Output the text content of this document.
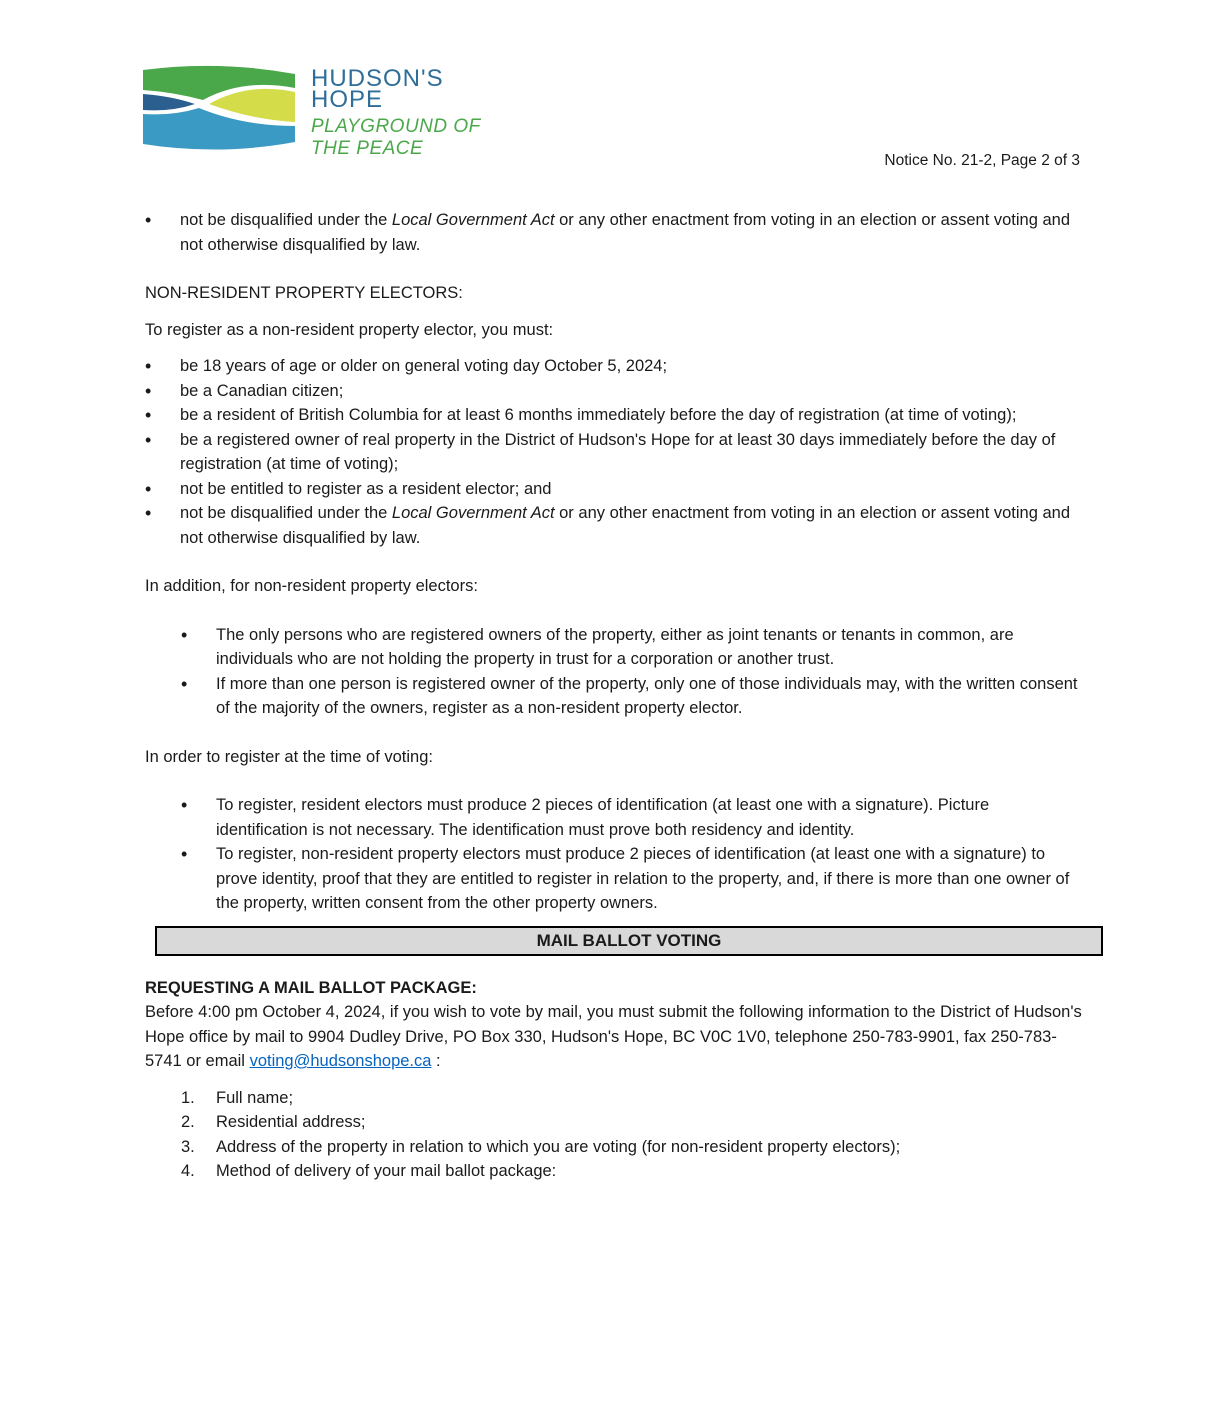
HUDSON'S
HOPE
PLAYGROUND OF THE PEACE
Notice No. 21-2, Page 2 of 3
• not be disqualified under the Local Government Act or any other enactment from voting in an election or assent voting and not otherwise disqualified by law.

NON-RESIDENT PROPERTY ELECTORS:

To register as a non-resident property elector, you must:

• be 18 years of age or older on general voting day October 5, 2024;
• be a Canadian citizen;
• be a resident of British Columbia for at least 6 months immediately before the day of registration (at time of voting);
• be a registered owner of real property in the District of Hudson's Hope for at least 30 days immediately before the day of registration (at time of voting);
• not be entitled to register as a resident elector; and
• not be disqualified under the Local Government Act or any other enactment from voting in an election or assent voting and not otherwise disqualified by law.

In addition, for non-resident property electors:

• The only persons who are registered owners of the property, either as joint tenants or tenants in common, are individuals who are not holding the property in trust for a corporation or another trust.
• If more than one person is registered owner of the property, only one of those individuals may, with the written consent of the majority of the owners, register as a non-resident property elector.

In order to register at the time of voting:

• To register, resident electors must produce 2 pieces of identification (at least one with a signature). Picture identification is not necessary. The identification must prove both residency and identity.
• To register, non-resident property electors must produce 2 pieces of identification (at least one with a signature) to prove identity, proof that they are entitled to register in relation to the property, and, if there is more than one owner of the property, written consent from the other property owners.
MAIL BALLOT VOTING

REQUESTING A MAIL BALLOT PACKAGE:

Before 4:00 pm October 4, 2024, if you wish to vote by mail, you must submit the following information to the District of Hudson's Hope office by mail to 9904 Dudley Drive, PO Box 330, Hudson's Hope, BC V0C 1V0, telephone 250-783-9901, fax 250-783-5741 or email voting@hudsonshope.ca :

1. Full name;
2. Residential address;
3. Address of the property in relation to which you are voting (for non-resident property electors);
4. Method of delivery of your mail ballot package:
